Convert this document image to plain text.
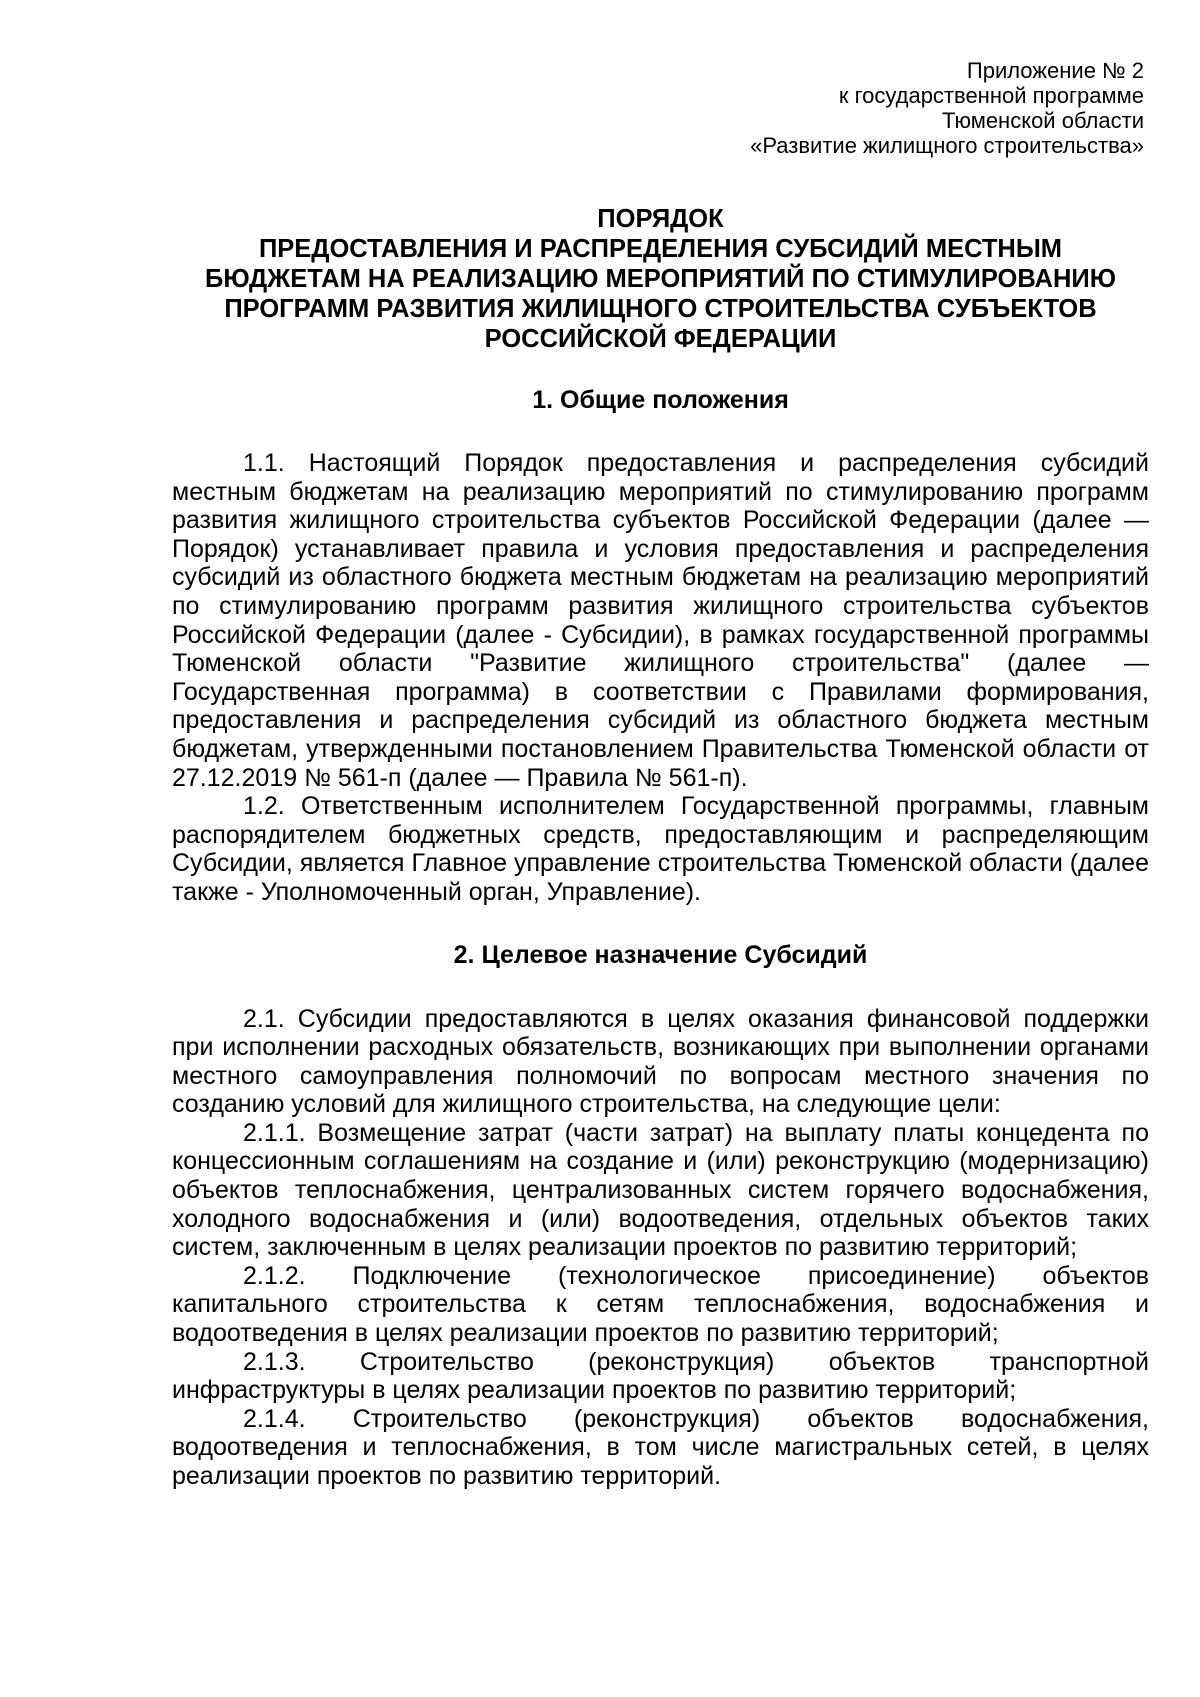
Приложение № 2
к государственной программе
Тюменской области
«Развитие жилищного строительства»
ПОРЯДОК
ПРЕДОСТАВЛЕНИЯ И РАСПРЕДЕЛЕНИЯ СУБСИДИЙ МЕСТНЫМ
БЮДЖЕТАМ НА РЕАЛИЗАЦИЮ МЕРОПРИЯТИЙ ПО СТИМУЛИРОВАНИЮ
ПРОГРАММ РАЗВИТИЯ ЖИЛИЩНОГО СТРОИТЕЛЬСТВА СУБЪЕКТОВ
РОССИЙСКОЙ ФЕДЕРАЦИИ
1. Общие положения

1.1. Настоящий Порядок предоставления и распределения субсидий местным бюджетам на реализацию мероприятий по стимулированию программ развития жилищного строительства субъектов Российской Федерации (далее — Порядок) устанавливает правила и условия предоставления и распределения субсидий из областного бюджета местным бюджетам на реализацию мероприятий по стимулированию программ развития жилищного строительства субъектов Российской Федерации (далее - Субсидии), в рамках государственной программы Тюменской области "Развитие жилищного строительства" (далее — Государственная программа) в соответствии с Правилами формирования, предоставления и распределения субсидий из областного бюджета местным бюджетам, утвержденными постановлением Правительства Тюменской области от 27.12.2019 № 561-п (далее — Правила № 561-п).

1.2. Ответственным исполнителем Государственной программы, главным распорядителем бюджетных средств, предоставляющим и распределяющим Субсидии, является Главное управление строительства Тюменской области (далее также - Уполномоченный орган, Управление).

2. Целевое назначение Субсидий

2.1. Субсидии предоставляются в целях оказания финансовой поддержки при исполнении расходных обязательств, возникающих при выполнении органами местного самоуправления полномочий по вопросам местного значения по созданию условий для жилищного строительства, на следующие цели:

2.1.1. Возмещение затрат (части затрат) на выплату платы концедента по концессионным соглашениям на создание и (или) реконструкцию (модернизацию) объектов теплоснабжения, централизованных систем горячего водоснабжения, холодного водоснабжения и (или) водоотведения, отдельных объектов таких систем, заключенным в целях реализации проектов по развитию территорий;

2.1.2. Подключение (технологическое присоединение) объектов капитального строительства к сетям теплоснабжения, водоснабжения и водоотведения в целях реализации проектов по развитию территорий;

2.1.3. Строительство (реконструкция) объектов транспортной инфраструктуры в целях реализации проектов по развитию территорий;

2.1.4. Строительство (реконструкция) объектов водоснабжения, водоотведения и теплоснабжения, в том числе магистральных сетей, в целях реализации проектов по развитию территорий.
